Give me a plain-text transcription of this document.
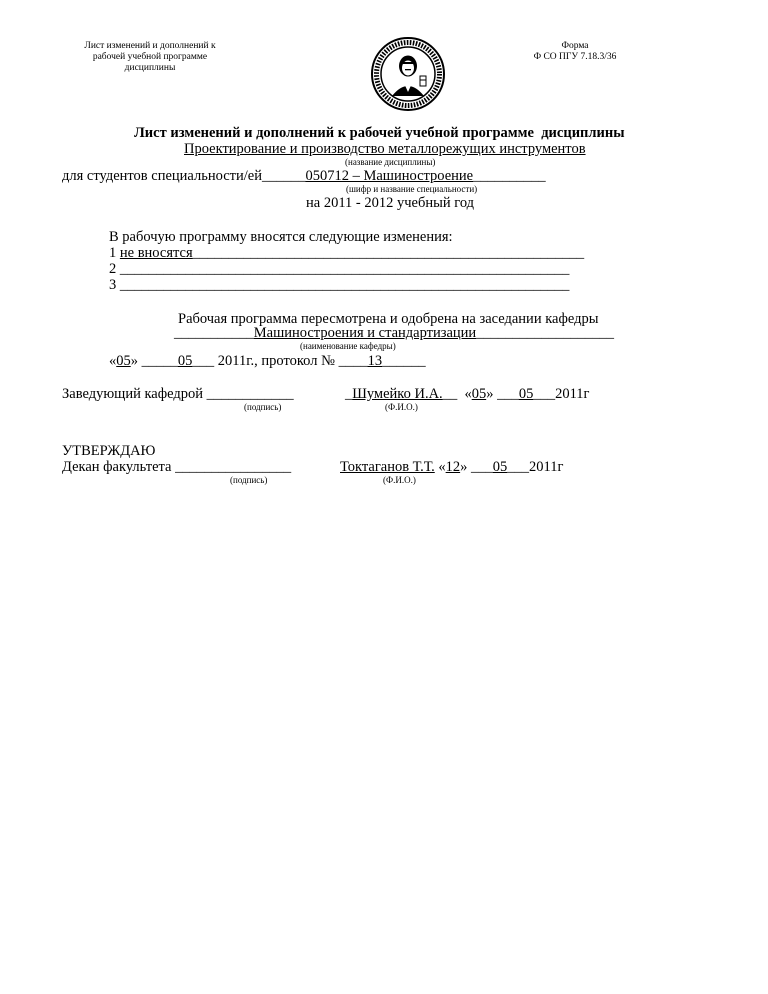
Лист изменений и дополнений к
рабочей учебной программе
дисциплины

Форма
Ф СО ПГУ 7.18.3/36
Лист изменений и дополнений к рабочей учебной программе  дисциплины
Проектирование и производство металлорежущих инструментов
(название дисциплины)
для студентов специальности/ей______050712 – Машиностроение__________
(шифр и название специальности)
на 2011 - 2012 учебный год
В рабочую программу вносятся следующие изменения:
1 не вносятся______________________________________________________
2 ______________________________________________________________
3 ______________________________________________________________
Рабочая программа пересмотрена и одобрена на заседании кафедры
___________Машиностроения и стандартизации___________________
(наименование кафедры)
«05» _____05___ 2011г., протокол № ____13______
Заведующий кафедрой ____________	_Шумейко И.А.__  «05» ___05___2011г
(подпись)	(Ф.И.О.)
УТВЕРЖДАЮ
Декан факультета ________________	Токтаганов Т.Т. «12» ___05___2011г
(подпись)	(Ф.И.О.)
